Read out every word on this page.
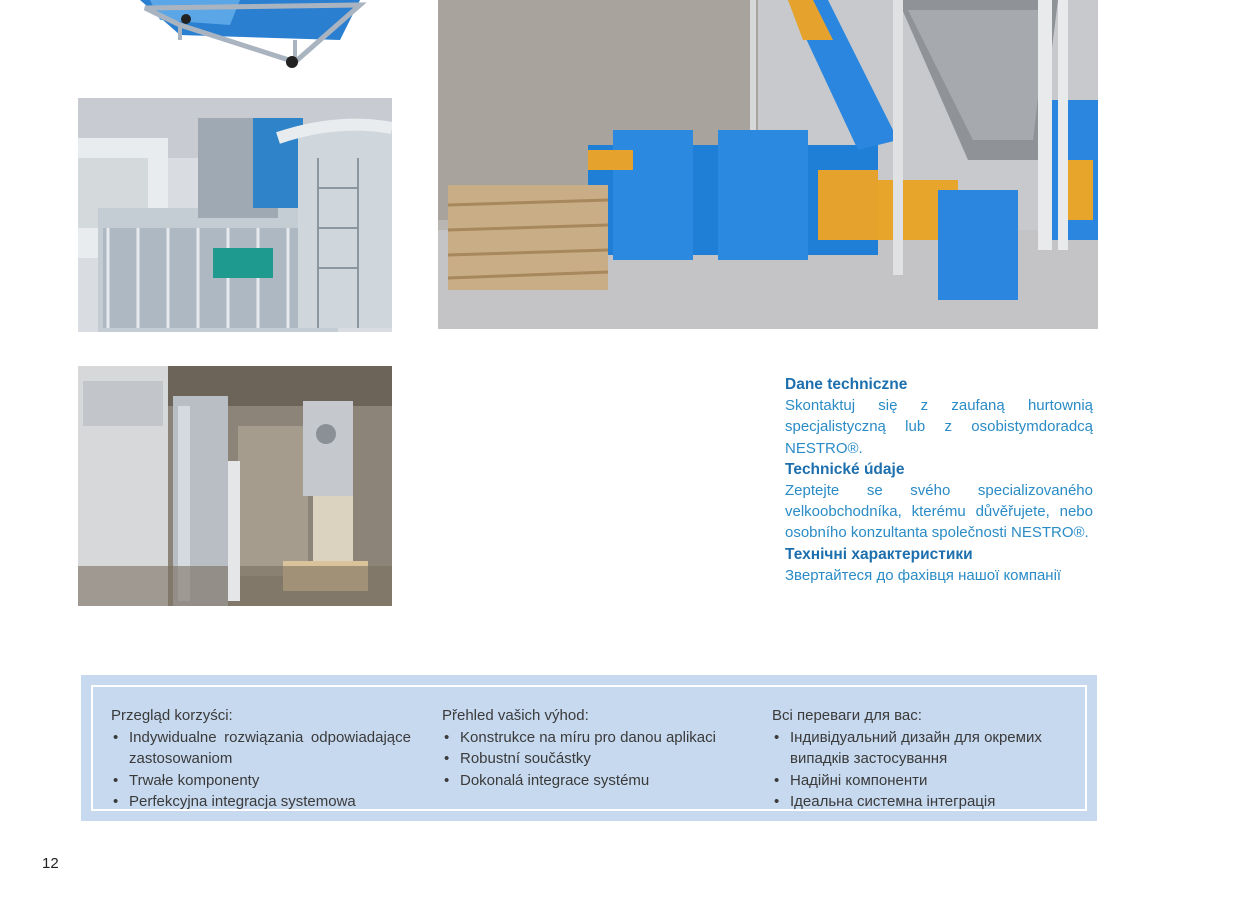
Dane techniczne
Skontaktuj się z zaufaną hurtownią specjalistyczną lub z osobistymdoradcą NESTRO®.
Technické údaje
Zeptejte se svého specializovaného velkoobchodníka, kterému důvěřujete, nebo osobního konzultanta společnosti NESTRO®.
Технічні характеристики
Звертайтеся до фахівця нашої компанії
Przegląd korzyści:
• Indywidualne rozwiązania odpowiadające zastosowaniom
• Trwałe komponenty
• Perfekcyjna integracja systemowa
Přehled vašich výhod:
• Konstrukce na míru pro danou aplikaci
• Robustní součástky
• Dokonalá integrace systému
Всі переваги для вас:
• Індивідуальний дизайн для окремих випадків застосування
• Надійні компоненти
• Ідеальна системна інтеграція
12
